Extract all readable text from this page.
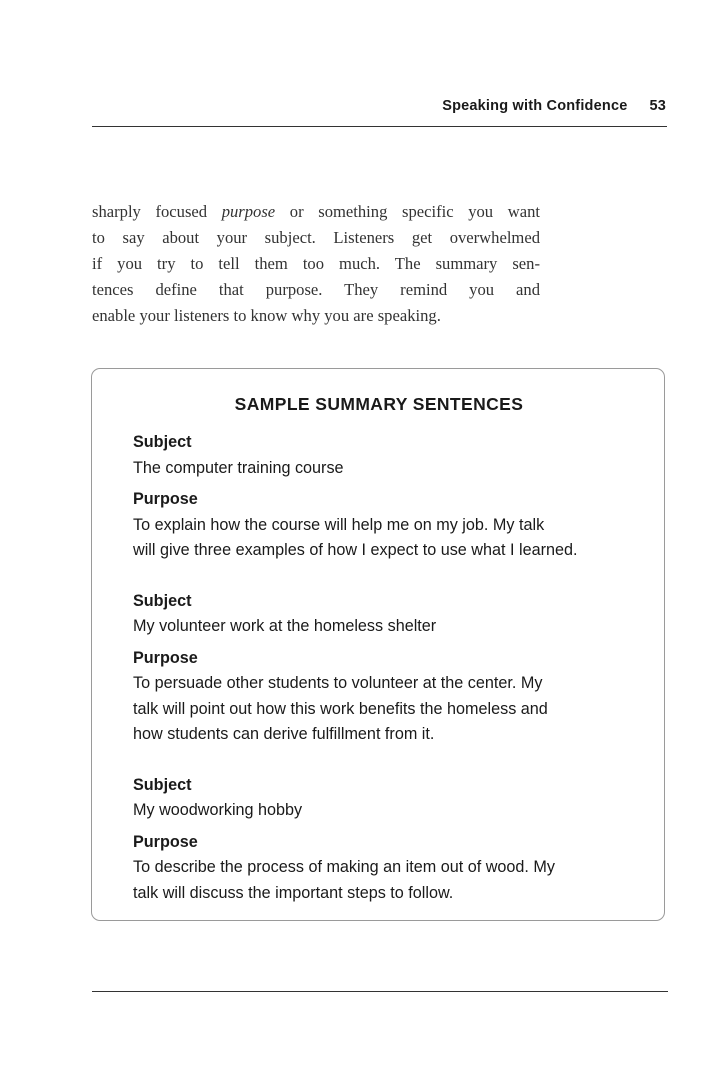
Speaking with Confidence 53
sharply focused purpose or something specific you want
to say about your subject. Listeners get overwhelmed
if you try to tell them too much. The summary sen-
tences define that purpose. They remind you and
enable your listeners to know why you are speaking.
SAMPLE SUMMARY SENTENCES
Subject
The computer training course
Purpose
To explain how the course will help me on my job. My talk
will give three examples of how I expect to use what I learned.
Subject
My volunteer work at the homeless shelter
Purpose
To persuade other students to volunteer at the center. My
talk will point out how this work benefits the homeless and
how students can derive fulfillment from it.
Subject
My woodworking hobby
Purpose
To describe the process of making an item out of wood. My
talk will discuss the important steps to follow.
